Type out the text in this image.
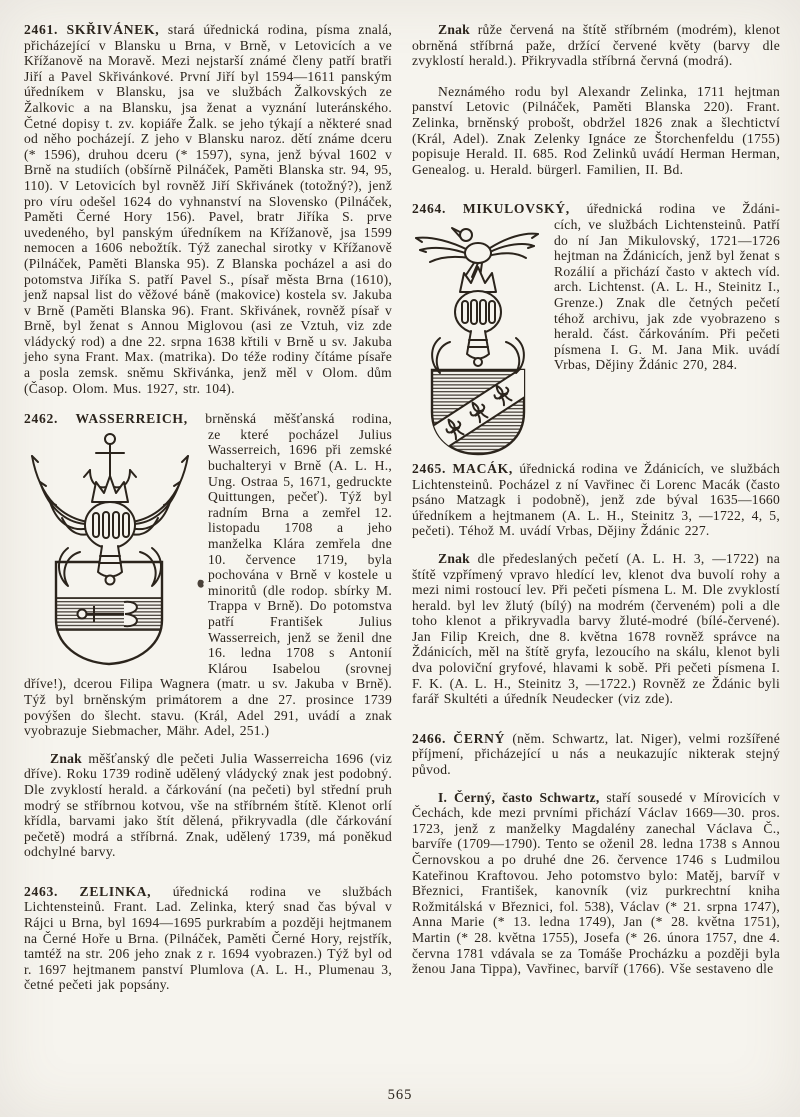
2461. SKŘIVÁNEK, stará úřednická rodina, písma znalá, přicházející v Blansku u Brna, v Brně, v Letovicích a ve Křížanově na Moravě. Mezi nejstarší známé členy patří bratři Jiří a Pavel Skřivánkové. První Jiří byl 1594—1611 panským úředníkem v Blansku, jsa ve službách Žalkovských ze Žalkovic a na Blansku, jsa ženat a vyznání luteránského. Četné dopisy t. zv. kopiáře Žalk. se jeho týkají a některé snad od něho pocházejí. Z jeho v Blansku naroz. dětí známe dceru (* 1596), druhou dceru (* 1597), syna, jenž býval 1602 v Brně na studiích (obšírně Pilnáček, Paměti Blanska str. 94, 95, 110). V Letovicích byl rovněž Jiří Skřivánek (totožný?), jenž pro víru odešel 1624 do vyhnanství na Slovensko (Pilnáček, Paměti Černé Hory 156). Pavel, bratr Jiříka S. prve uvedeného, byl panským úředníkem na Křížanově, jsa 1599 nemocen a 1606 nebožtík. Týž zanechal sirotky v Křížanově (Pilnáček, Paměti Blanska 95). Z Blanska pocházel a asi do potomstva Jiříka S. patří Pavel S., písař města Brna (1610), jenž napsal list do věžové báně (makovice) kostela sv. Jakuba v Brně (Paměti Blanska 96). Frant. Skřivánek, rovněž písař v Brně, byl ženat s Annou Miglovou (asi ze Vztuh, viz zde vládycký rod) a dne 22. srpna 1638 křtili v Brně u sv. Jakuba jeho syna Frant. Max. (matrika). Do téže rodiny čítáme písaře a posla zemsk. sněmu Skřivánka, jenž měl v Olom. dům (Časop. Olom. Mus. 1927, str. 104).

2462. WASSERREICH, brněnská měšťanská rodina,

ze které pocházel Julius Wasserreich, 1696 při zemské buchalteryi v Brně (A. L. H., Ung. Ostraa 5, 1671, gedruckte Quittungen, pečeť). Týž byl radním Brna a zemřel 12. listopadu 1708 a jeho manželka Klára zemřela dne 10. července 1719, byla pochována v Brně v kostele u minoritů (dle rodop. sbírky M. Trappa v Brně). Do potomstva patří František Julius Wasserreich, jenž se ženil dne 16. ledna 1708 s Antonií Klárou Isabelou (srovnej dříve!), dcerou Filipa Wagnera (matr. u sv. Jakuba v Brně). Týž byl brněnským primátorem a dne 27. prosince 1739 povýšen do šlecht. stavu. (Král, Adel 291, uvádí a znak vyobrazuje Siebmacher, Mähr. Adel, 251.)

Znak měšťanský dle pečeti Julia Wasserreicha 1696 (viz dříve). Roku 1739 rodině udělený vládycký znak jest podobný. Dle zvyklostí herald. a čárkování (na pečeti) byl střední pruh modrý se stříbrnou kotvou, vše na stříbrném štítě. Klenot orlí křídla, barvami jako štít dělená, přikryvadla (dle čárkování pečetě) modrá a stříbrná. Znak, udělený 1739, má poněkud odchylné barvy.

2463. ZELINKA, úřednická rodina ve službách Lichtensteinů. Frant. Lad. Zelinka, který snad čas býval v Rájci u Brna, byl 1694—1695 purkrabím a později hejtmanem na Černé Hoře u Brna. (Pilnáček, Paměti Černé Hory, rejstřík, tamtéž na str. 206 jeho znak z r. 1694 vyobrazen.) Týž byl od r. 1697 hejtmanem panství Plumlova (A. L. H., Plumenau 3, četné pečeti jak popsány.

Znak růže červená na štítě stříbrném (modrém), klenot obrněná stříbrná paže, držící červené květy (barvy dle zvyklostí herald.). Přikryvadla stříbrná červná (modrá).

Neznámého rodu byl Alexandr Zelinka, 1711 hejtman panství Letovic (Pilnáček, Paměti Blanska 220). Frant. Zelinka, brněnský probošt, obdržel 1826 znak a šlechtictví (Král, Adel). Znak Zelenky Ignáce ze Štorchenfeldu (1755) popisuje Herald. II. 685. Rod Zelinků uvádí Herman Herman, Genealog. u. Herald. bürgerl. Familien, II. Bd.

2464. MIKULOVSKÝ, úřednická rodina ve Ždáni-

cích, ve službách Lichtensteinů. Patří do ní Jan Mikulovský, 1721—1726 hejtman na Ždánicích, jenž byl ženat s Rozálií a přichází často v aktech víd. arch. Lichtenst. (A. L. H., Steinitz I., Grenze.) Znak dle četných pečetí téhož archivu, jak zde vyobrazeno s herald. část. čárkováním. Při pečeti písmena I. G. M. Jana Mik. uvádí Vrbas, Dějiny Ždánic 270, 284.

2465. MACÁK, úřednická rodina ve Ždánicích, ve službách Lichtensteinů. Pocházel z ní Vavřinec či Lorenc Macák (často psáno Matzagk i podobně), jenž zde býval 1635—1660 úředníkem a hejtmanem (A. L. H., Steinitz 3, —1722, 4, 5, pečeti). Téhož M. uvádí Vrbas, Dějiny Ždánic 227.

Znak dle předeslaných pečetí (A. L. H. 3, —1722) na štítě vzpřímený vpravo hledící lev, klenot dva buvolí rohy a mezi nimi rostoucí lev. Při pečeti písmena L. M. Dle zvyklostí herald. byl lev žlutý (bílý) na modrém (červeném) poli a dle toho klenot a přikryvadla barvy žluté-modré (bílé-červené). Jan Filip Kreich, dne 8. května 1678 rovněž správce na Ždánicích, měl na štítě gryfa, lezoucího na skálu, klenot byli dva poloviční gryfové, hlavami k sobě. Při pečeti písmena I. F. K. (A. L. H., Steinitz 3, —1722.) Rovněž ze Ždánic byli farář Skultéti a úředník Neudecker (viz zde).

2466. ČERNÝ (něm. Schwartz, lat. Niger), velmi rozšířené příjmení, přicházející u nás a neukazujíc nikterak stejný původ.

I. Černý, často Schwartz, staří sousedé v Mírovicích v Čechách, kde mezi prvními přichází Václav 1669—30. pros. 1723, jenž z manželky Magdalény zanechal Václava Č., barvíře (1709—1790). Tento se oženil 28. ledna 1738 s Annou Černovskou a po druhé dne 26. července 1746 s Ludmilou Kateřinou Kraftovou. Jeho potomstvo bylo: Matěj, barvíř v Březnici, František, kanovník (viz purkrechtní kniha Rožmitálská v Březnici, fol. 538), Václav (* 21. srpna 1747), Anna Marie (* 13. ledna 1749), Jan (* 28. května 1751), Martin (* 28. května 1755), Josefa (* 26. února 1757, dne 4. června 1781 vdávala se za Tomáše Procházku a později byla ženou Jana Tippa), Vavřinec, barvíř (1766). Vše sestaveno dle

565
